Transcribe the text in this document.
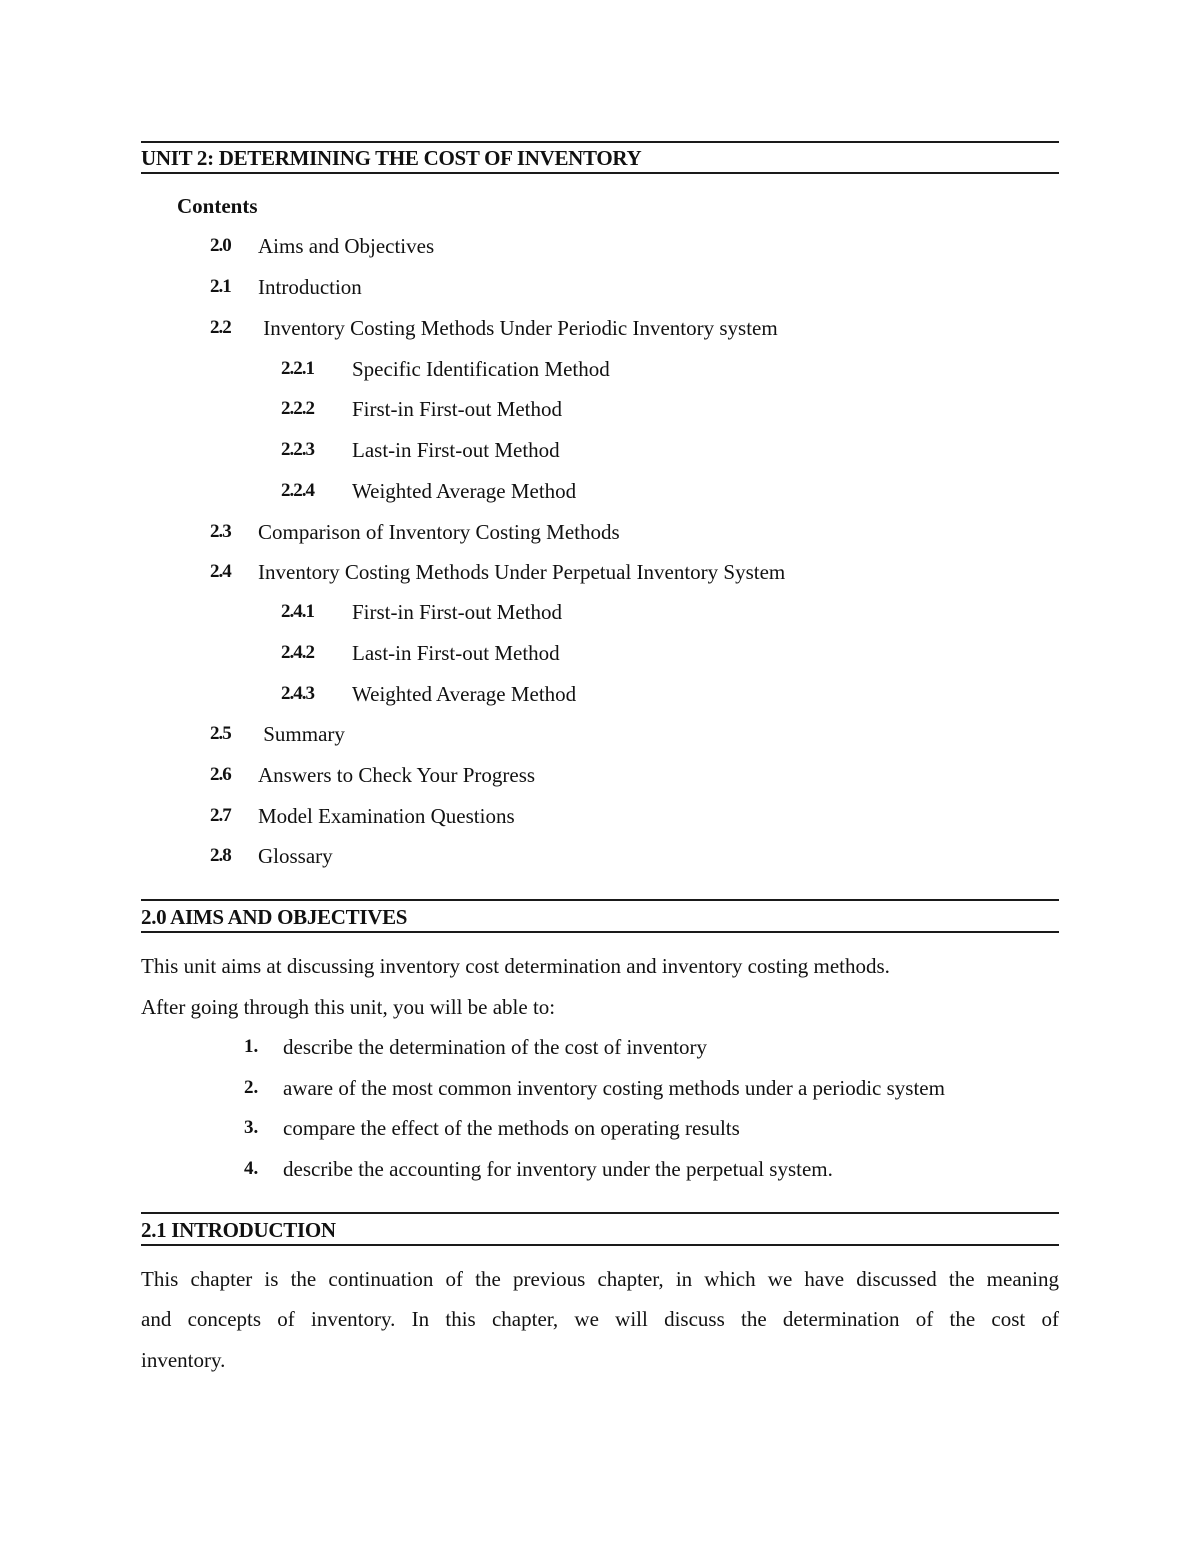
UNIT 2: DETERMINING THE COST OF INVENTORY
Contents
2.0 Aims and Objectives
2.1 Introduction
2.2 Inventory Costing Methods Under Periodic Inventory system
2.2.1 Specific Identification Method
2.2.2 First-in First-out Method
2.2.3 Last-in First-out Method
2.2.4 Weighted Average Method
2.3 Comparison of Inventory Costing Methods
2.4 Inventory Costing Methods Under Perpetual Inventory System
2.4.1 First-in First-out Method
2.4.2 Last-in First-out Method
2.4.3 Weighted Average Method
2.5 Summary
2.6 Answers to Check Your Progress
2.7 Model Examination Questions
2.8 Glossary
2.0 AIMS AND OBJECTIVES
This unit aims at discussing inventory cost determination and inventory costing methods.
After going through this unit, you will be able to:
1. describe the determination of the cost of inventory
2. aware of the most common inventory costing methods under a periodic system
3. compare the effect of the methods on operating results
4. describe the accounting for inventory under the perpetual system.
2.1 INTRODUCTION
This chapter is the continuation of the previous chapter, in which we have discussed the meaning
and concepts of inventory. In this chapter, we will discuss the determination of the cost of
inventory.
